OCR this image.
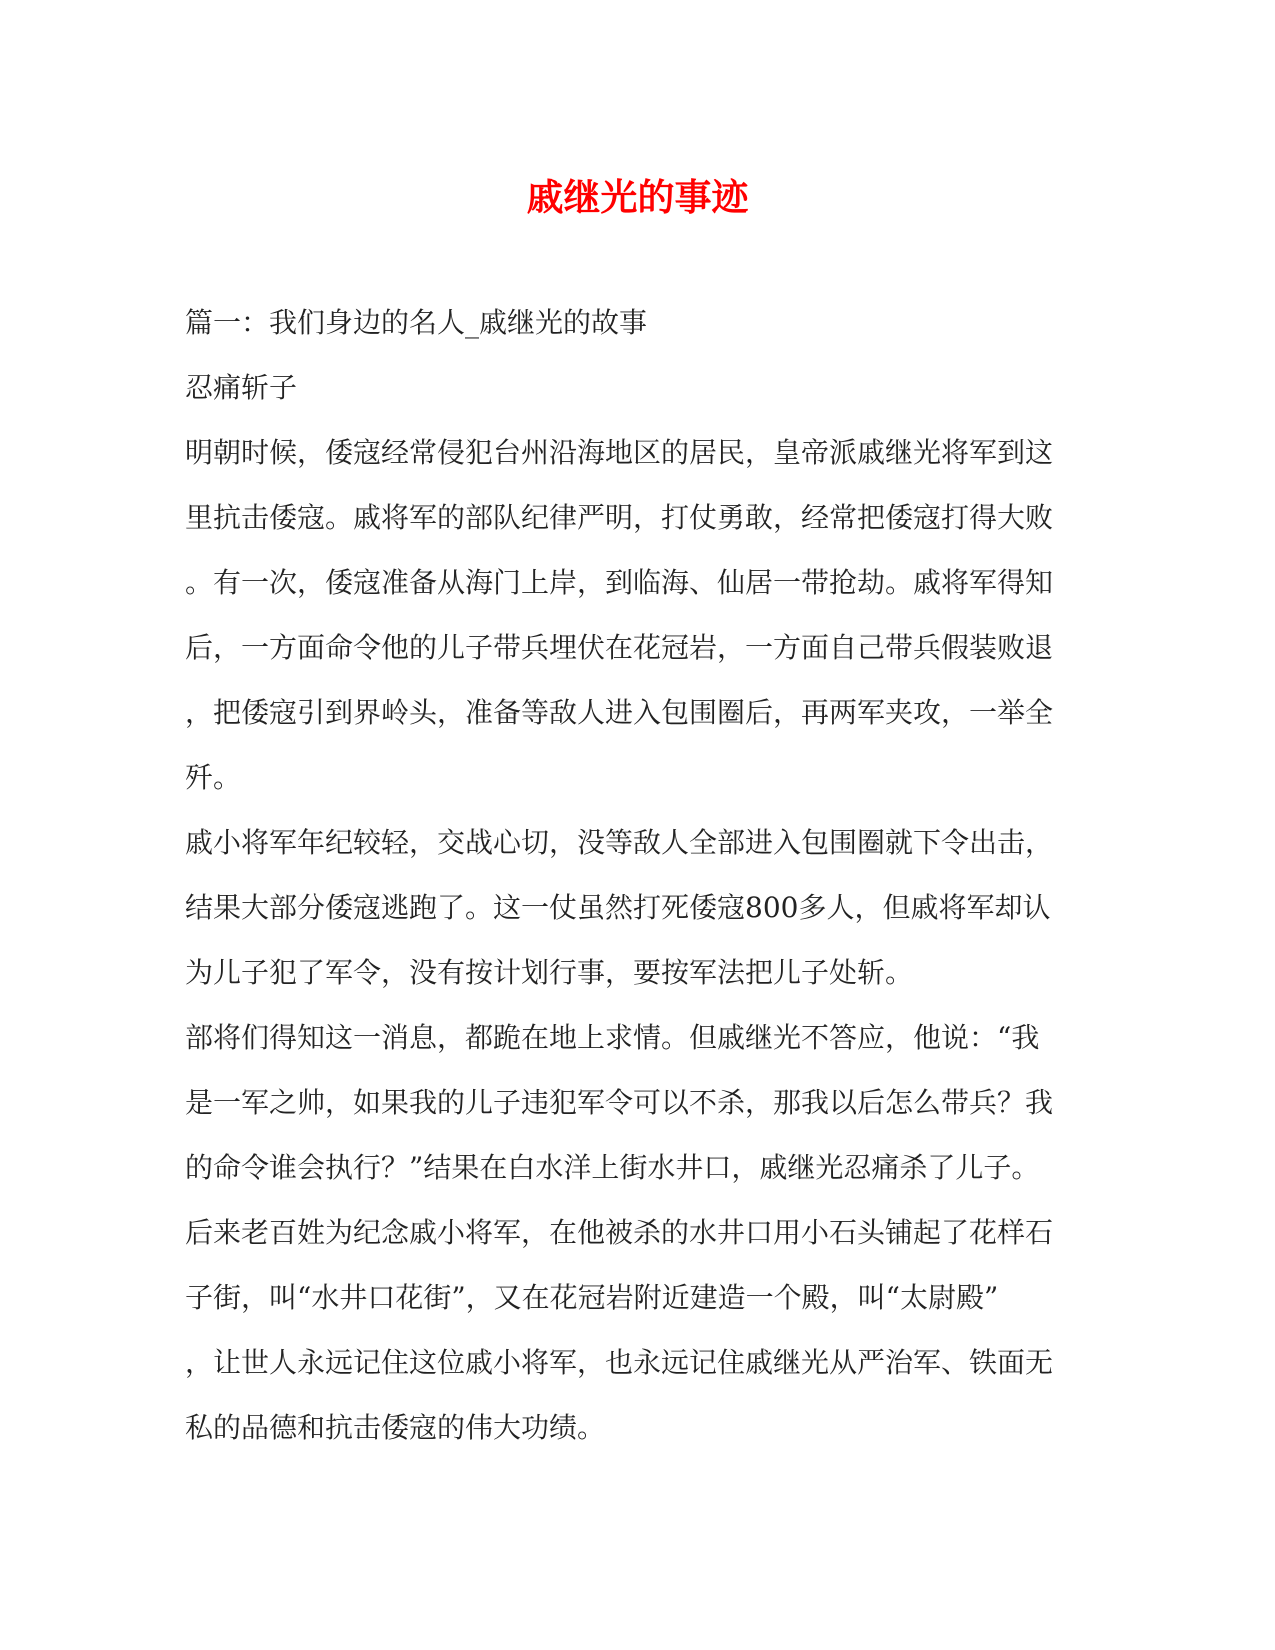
戚继光的事迹
篇一：我们身边的名人_戚继光的故事
忍痛斩子
明朝时候，倭寇经常侵犯台州沿海地区的居民，皇帝派戚继光将军到这
里抗击倭寇。戚将军的部队纪律严明，打仗勇敢，经常把倭寇打得大败
。有一次，倭寇准备从海门上岸，到临海、仙居一带抢劫。戚将军得知
后，一方面命令他的儿子带兵埋伏在花冠岩，一方面自己带兵假装败退
，把倭寇引到界岭头，准备等敌人进入包围圈后，再两军夹攻，一举全
歼。
戚小将军年纪较轻，交战心切，没等敌人全部进入包围圈就下令出击，
结果大部分倭寇逃跑了。这一仗虽然打死倭寇800多人，但戚将军却认
为儿子犯了军令，没有按计划行事，要按军法把儿子处斩。
部将们得知这一消息，都跪在地上求情。但戚继光不答应，他说：“我
是一军之帅，如果我的儿子违犯军令可以不杀，那我以后怎么带兵？我
的命令谁会执行？”结果在白水洋上街水井口，戚继光忍痛杀了儿子。
后来老百姓为纪念戚小将军，在他被杀的水井口用小石头铺起了花样石
子街，叫“水井口花街”，又在花冠岩附近建造一个殿，叫“太尉殿”
，让世人永远记住这位戚小将军，也永远记住戚继光从严治军、铁面无
私的品德和抗击倭寇的伟大功绩。
